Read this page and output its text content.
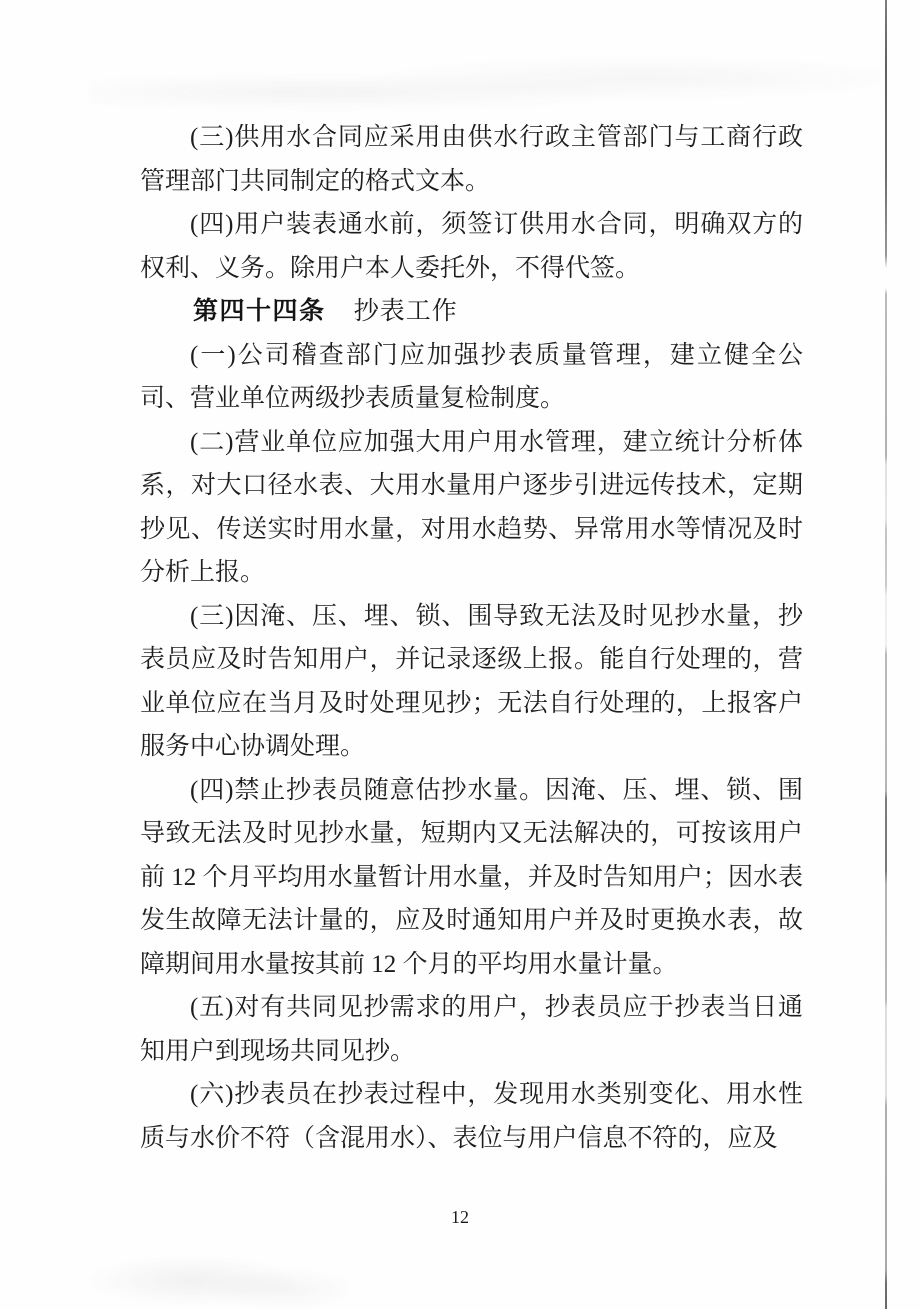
(三)供用水合同应采用由供水行政主管部门与工商行政管理部门共同制定的格式文本。

(四)用户装表通水前，须签订供用水合同，明确双方的权利、义务。除用户本人委托外，不得代签。

第四十四条 抄表工作

(一)公司稽查部门应加强抄表质量管理，建立健全公司、营业单位两级抄表质量复检制度。

(二)营业单位应加强大用户用水管理，建立统计分析体系，对大口径水表、大用水量用户逐步引进远传技术，定期抄见、传送实时用水量，对用水趋势、异常用水等情况及时分析上报。

(三)因淹、压、埋、锁、围导致无法及时见抄水量，抄表员应及时告知用户，并记录逐级上报。能自行处理的，营业单位应在当月及时处理见抄；无法自行处理的，上报客户服务中心协调处理。

(四)禁止抄表员随意估抄水量。因淹、压、埋、锁、围导致无法及时见抄水量，短期内又无法解决的，可按该用户前 12 个月平均用水量暂计用水量，并及时告知用户；因水表发生故障无法计量的，应及时通知用户并及时更换水表，故障期间用水量按其前 12 个月的平均用水量计量。

(五)对有共同见抄需求的用户，抄表员应于抄表当日通知用户到现场共同见抄。

(六)抄表员在抄表过程中，发现用水类别变化、用水性质与水价不符（含混用水）、表位与用户信息不符的，应及

12
